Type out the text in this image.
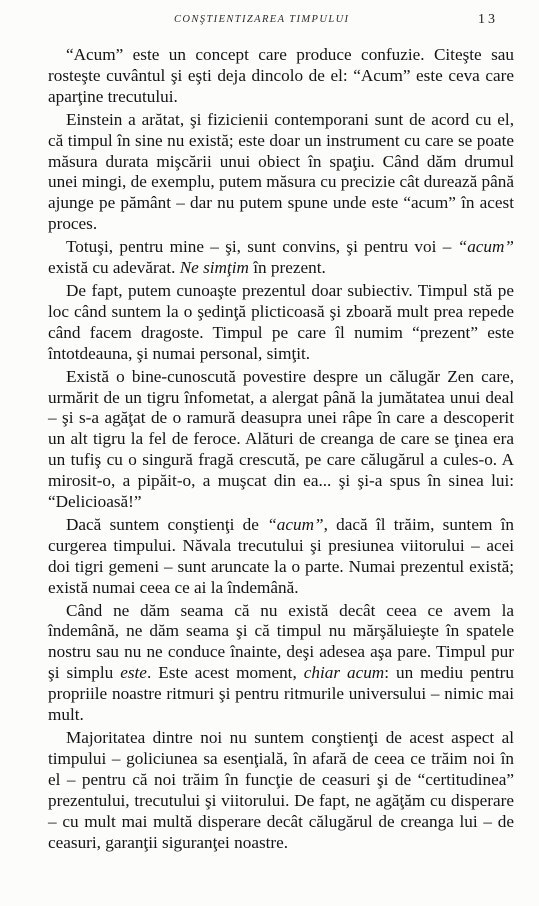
CONŞTIENTIZAREA TIMPULUI	13

“Acum” este un concept care produce confuzie. Citeşte sau rosteşte cuvântul şi eşti deja dincolo de el: “Acum” este ceva care aparţine trecutului.

Einstein a arătat, şi fizicienii contemporani sunt de acord cu el, că timpul în sine nu există; este doar un instrument cu care se poate măsura durata mişcării unui obiect în spaţiu. Când dăm drumul unei mingi, de exemplu, putem măsura cu precizie cât durează până ajunge pe pământ – dar nu putem spune unde este “acum” în acest proces.

Totuşi, pentru mine – şi, sunt convins, şi pentru voi – “acum” există cu adevărat. Ne simţim în prezent.

De fapt, putem cunoaşte prezentul doar subiectiv. Timpul stă pe loc când suntem la o şedinţă plicticoasă şi zboară mult prea repede când facem dragoste. Timpul pe care îl numim “prezent” este întotdeauna, şi numai personal, simţit.

Există o bine-cunoscută povestire despre un călugăr Zen care, urmărit de un tigru înfometat, a alergat până la jumătatea unui deal – şi s-a agăţat de o ramură deasupra unei râpe în care a descoperit un alt tigru la fel de feroce. Alături de creanga de care se ţinea era un tufiş cu o singură fragă crescută, pe care călugărul a cules-o. A mirosit-o, a pipăit-o, a muşcat din ea... şi şi-a spus în sinea lui: “Delicioasă!”

Dacă suntem conştienţi de “acum”, dacă îl trăim, suntem în curgerea timpului. Năvala trecutului şi presiunea viitorului – acei doi tigri gemeni – sunt aruncate la o parte. Numai prezentul există; există numai ceea ce ai la îndemână.

Când ne dăm seama că nu există decât ceea ce avem la îndemână, ne dăm seama şi că timpul nu mărşăluieşte în spatele nostru sau nu ne conduce înainte, deşi adesea aşa pare. Timpul pur şi simplu este. Este acest moment, chiar acum: un mediu pentru propriile noastre ritmuri şi pentru ritmurile universului – nimic mai mult.

Majoritatea dintre noi nu suntem conştienţi de acest aspect al timpului – goliciunea sa esenţială, în afară de ceea ce trăim noi în el – pentru că noi trăim în funcţie de ceasuri şi de “certitudinea” prezentului, trecutului şi viitorului. De fapt, ne agăţăm cu disperare – cu mult mai multă disperare decât călugărul de creanga lui – de ceasuri, garanţii siguranţei noastre.
